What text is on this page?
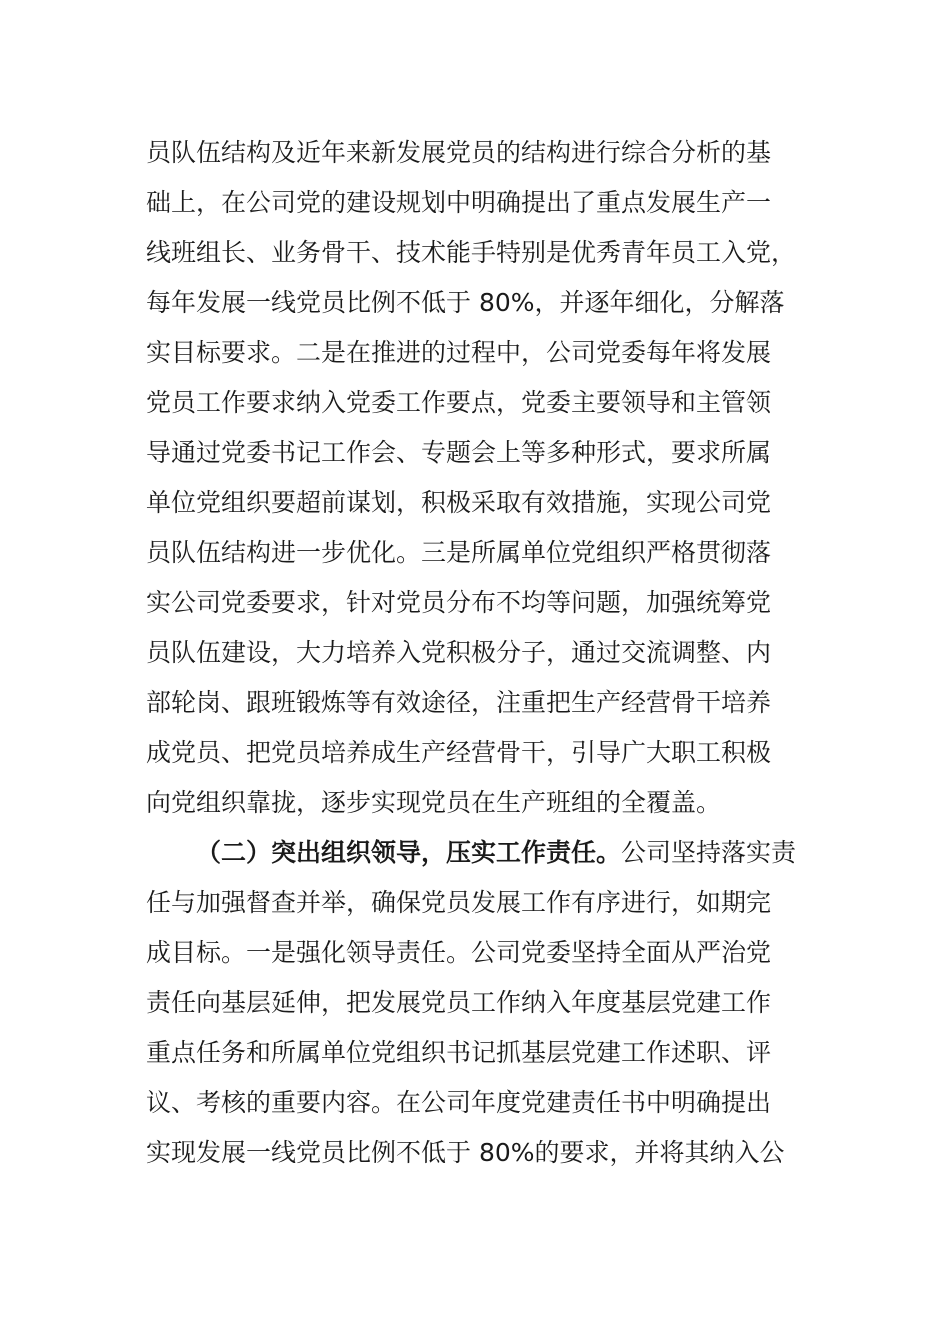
员队伍结构及近年来新发展党员的结构进行综合分析的基
础上，在公司党的建设规划中明确提出了重点发展生产一
线班组长、业务骨干、技术能手特别是优秀青年员工入党，
每年发展一线党员比例不低于 80%，并逐年细化，分解落
实目标要求。二是在推进的过程中，公司党委每年将发展
党员工作要求纳入党委工作要点，党委主要领导和主管领
导通过党委书记工作会、专题会上等多种形式，要求所属
单位党组织要超前谋划，积极采取有效措施，实现公司党
员队伍结构进一步优化。三是所属单位党组织严格贯彻落
实公司党委要求，针对党员分布不均等问题，加强统筹党
员队伍建设，大力培养入党积极分子，通过交流调整、内
部轮岗、跟班锻炼等有效途径，注重把生产经营骨干培养
成党员、把党员培养成生产经营骨干，引导广大职工积极
向党组织靠拢，逐步实现党员在生产班组的全覆盖。
（二）突出组织领导，压实工作责任。公司坚持落实责
任与加强督查并举，确保党员发展工作有序进行，如期完
成目标。一是强化领导责任。公司党委坚持全面从严治党
责任向基层延伸，把发展党员工作纳入年度基层党建工作
重点任务和所属单位党组织书记抓基层党建工作述职、评
议、考核的重要内容。在公司年度党建责任书中明确提出
实现发展一线党员比例不低于 80%的要求，并将其纳入公
